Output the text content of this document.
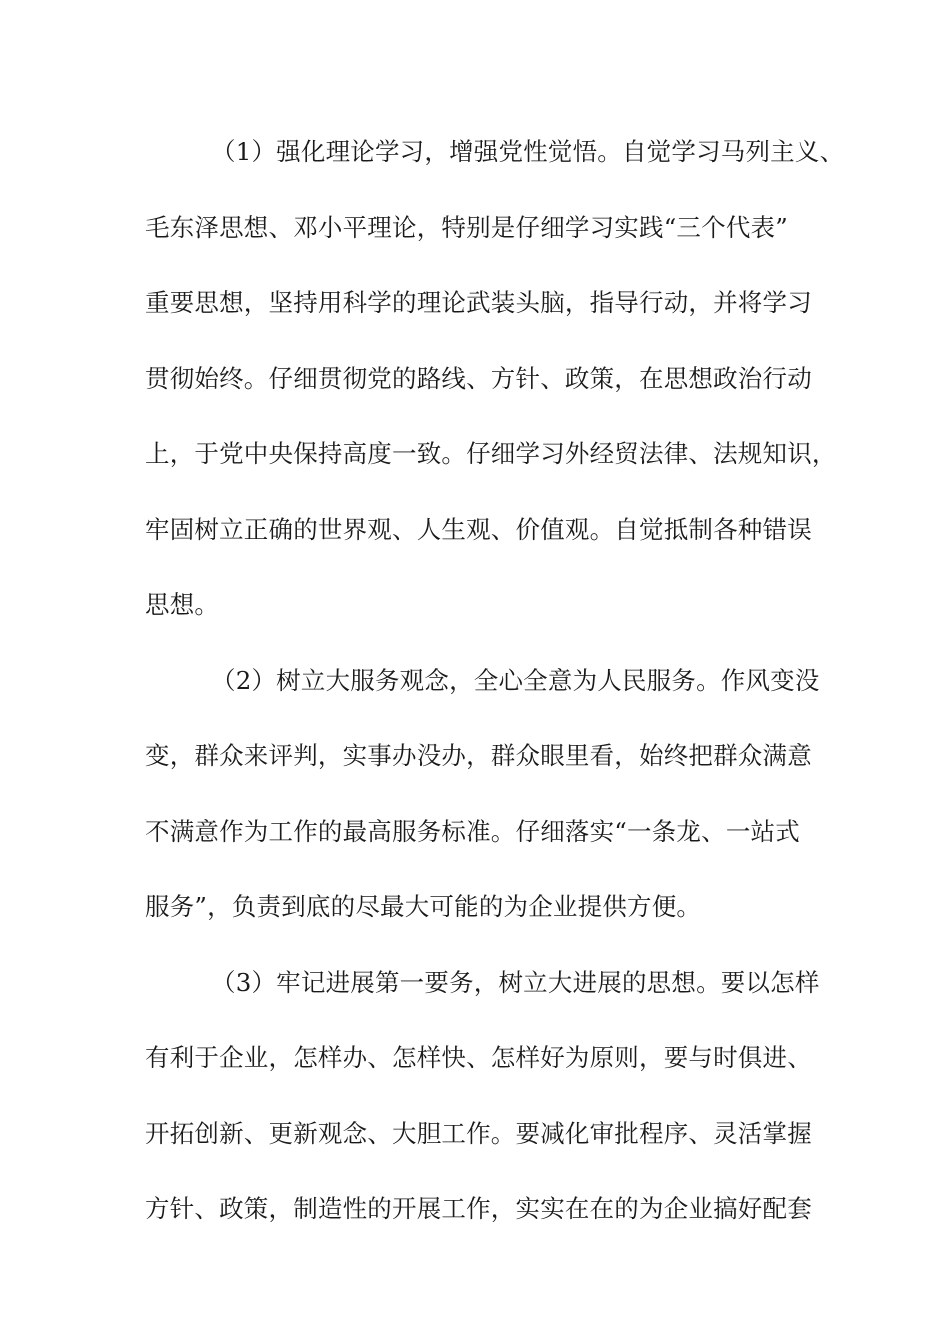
（1）强化理论学习，增强党性觉悟。自觉学习马列主义、
毛东泽思想、邓小平理论，特别是仔细学习实践“三个代表”
重要思想，坚持用科学的理论武装头脑，指导行动，并将学习
贯彻始终。仔细贯彻党的路线、方针、政策，在思想政治行动
上，于党中央保持高度一致。仔细学习外经贸法律、法规知识，
牢固树立正确的世界观、人生观、价值观。自觉抵制各种错误
思想。
（2）树立大服务观念，全心全意为人民服务。作风变没
变，群众来评判，实事办没办，群众眼里看，始终把群众满意
不满意作为工作的最高服务标准。仔细落实“一条龙、一站式
服务”，负责到底的尽最大可能的为企业提供方便。
（3）牢记进展第一要务，树立大进展的思想。要以怎样
有利于企业，怎样办、怎样快、怎样好为原则，要与时俱进、
开拓创新、更新观念、大胆工作。要减化审批程序、灵活掌握
方针、政策，制造性的开展工作，实实在在的为企业搞好配套
